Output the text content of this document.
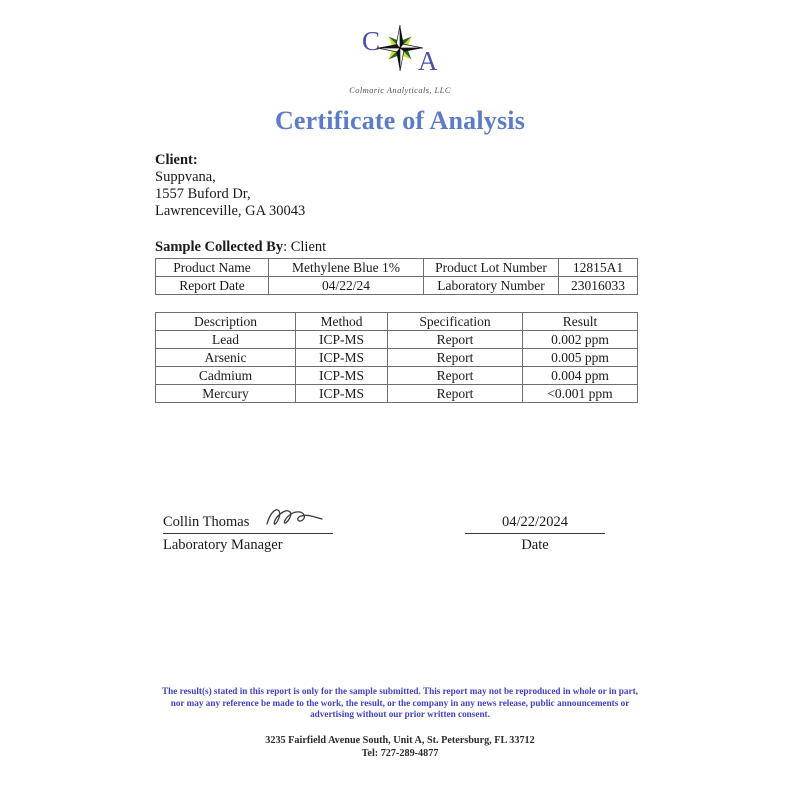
C
A
Colmaric Analyticals, LLC
Certificate of Analysis
Client:
Suppvana,
1557 Buford Dr,
Lawrenceville, GA 30043
Sample Collected By: Client
Product Name	Methylene Blue 1%	Product Lot Number	12815A1
Report Date	04/22/24	Laboratory Number	23016033
Description	Method	Specification	Result
Lead	ICP-MS	Report	0.002 ppm
Arsenic	ICP-MS	Report	0.005 ppm
Cadmium	ICP-MS	Report	0.004 ppm
Mercury	ICP-MS	Report	<0.001 ppm
Collin Thomas
Laboratory Manager
04/22/2024
Date
The result(s) stated in this report is only for the sample submitted. This report may not be reproduced in whole or in part, nor may any reference be made to the work, the result, or the company in any news release, public announcements or advertising without our prior written consent.
3235 Fairfield Avenue South, Unit A, St. Petersburg, FL 33712
Tel: 727-289-4877
